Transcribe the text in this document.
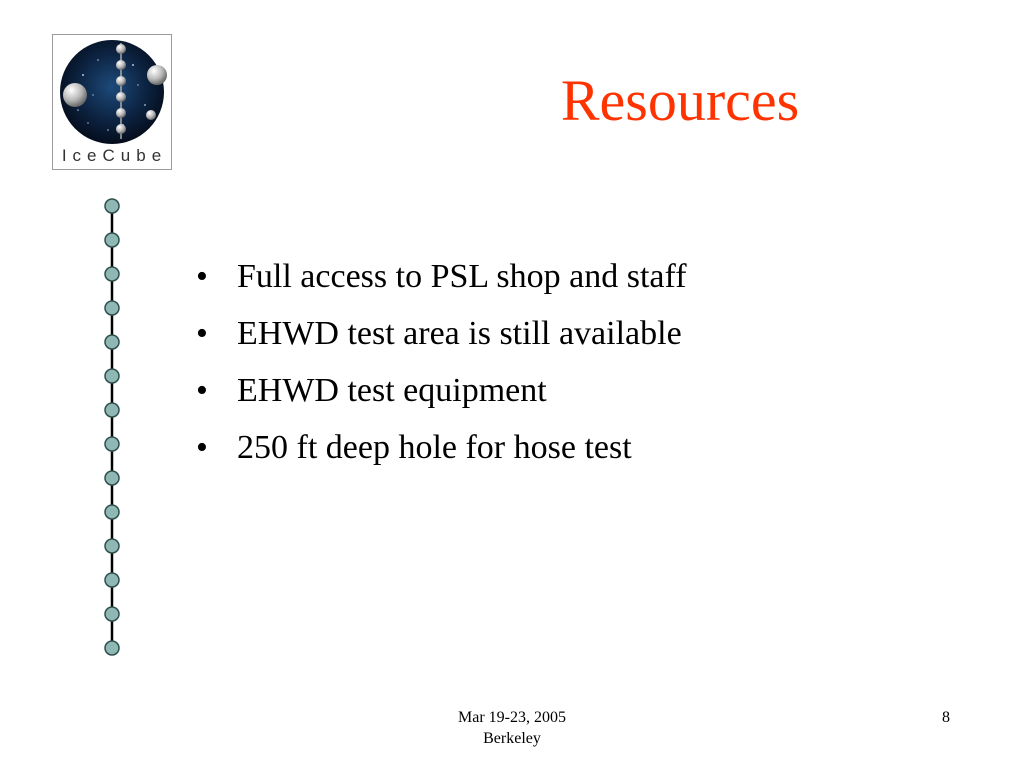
IceCube
Resources
• Full access to PSL shop and staff
• EHWD test area is still available
• EHWD test equipment
• 250 ft deep hole for hose test
Mar 19-23, 2005
Berkeley
8
